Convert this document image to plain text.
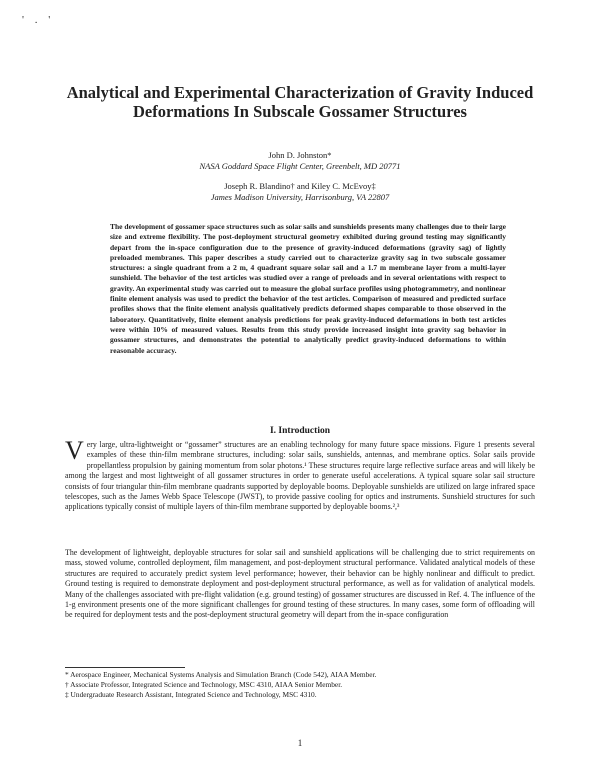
' . '
Analytical and Experimental Characterization of Gravity Induced Deformations In Subscale Gossamer Structures
John D. Johnston*
NASA Goddard Space Flight Center, Greenbelt, MD 20771
Joseph R. Blandino† and Kiley C. McEvoy‡
James Madison University, Harrisonburg, VA 22807
The development of gossamer space structures such as solar sails and sunshields presents many challenges due to their large size and extreme flexibility. The post-deployment structural geometry exhibited during ground testing may significantly depart from the in-space configuration due to the presence of gravity-induced deformations (gravity sag) of lightly preloaded membranes. This paper describes a study carried out to characterize gravity sag in two subscale gossamer structures: a single quadrant from a 2 m, 4 quadrant square solar sail and a 1.7 m membrane layer from a multi-layer sunshield. The behavior of the test articles was studied over a range of preloads and in several orientations with respect to gravity. An experimental study was carried out to measure the global surface profiles using photogrammetry, and nonlinear finite element analysis was used to predict the behavior of the test articles. Comparison of measured and predicted surface profiles shows that the finite element analysis qualitatively predicts deformed shapes comparable to those observed in the laboratory. Quantitatively, finite element analysis predictions for peak gravity-induced deformations in both test articles were within 10% of measured values. Results from this study provide increased insight into gravity sag behavior in gossamer structures, and demonstrates the potential to analytically predict gravity-induced deformations to within reasonable accuracy.
I. Introduction
V ery large, ultra-lightweight or “gossamer” structures are an enabling technology for many future space missions. Figure 1 presents several examples of these thin-film membrane structures, including: solar sails, sunshields, antennas, and membrane optics. Solar sails provide propellantless propulsion by gaining momentum from solar photons.¹ These structures require large reflective surface areas and will likely be among the largest and most lightweight of all gossamer structures in order to generate useful accelerations. A typical square solar sail structure consists of four triangular thin-film membrane quadrants supported by deployable booms. Deployable sunshields are utilized on large infrared space telescopes, such as the James Webb Space Telescope (JWST), to provide passive cooling for optics and instruments. Sunshield structures for such applications typically consist of multiple layers of thin-film membrane supported by deployable booms.²,³
The development of lightweight, deployable structures for solar sail and sunshield applications will be challenging due to strict requirements on mass, stowed volume, controlled deployment, film management, and post-deployment structural performance. Validated analytical models of these structures are required to accurately predict system level performance; however, their behavior can be highly nonlinear and difficult to predict. Ground testing is required to demonstrate deployment and post-deployment structural performance, as well as for validation of analytical models. Many of the challenges associated with pre-flight validation (e.g. ground testing) of gossamer structures are discussed in Ref. 4. The influence of the 1-g environment presents one of the more significant challenges for ground testing of these structures. In many cases, some form of offloading will be required for deployment tests and the post-deployment structural geometry will depart from the in-space configuration
* Aerospace Engineer, Mechanical Systems Analysis and Simulation Branch (Code 542), AIAA Member.
† Associate Professor, Integrated Science and Technology, MSC 4310, AIAA Senior Member.
‡ Undergraduate Research Assistant, Integrated Science and Technology, MSC 4310.
1
